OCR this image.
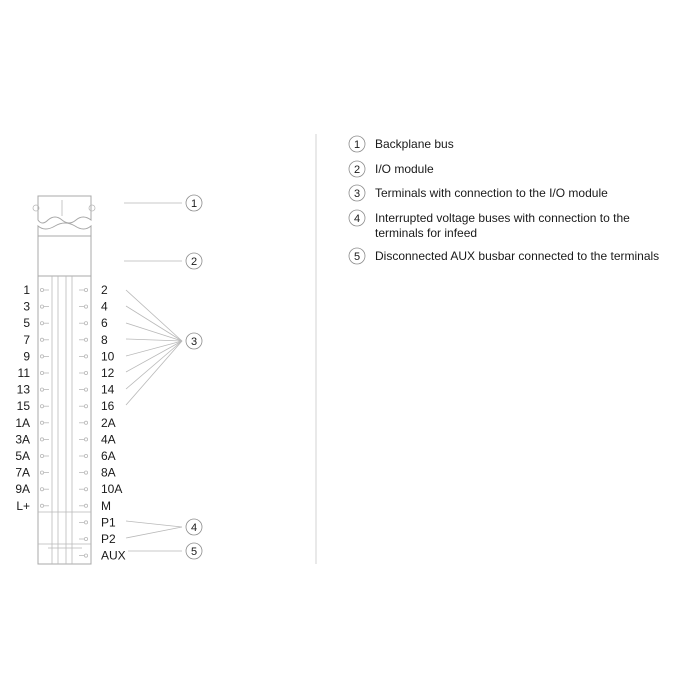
1
3
5
7
9
11
13
15
1A
3A
5A
7A
9A
L+
2
4
6
8
10
12
14
16
2A
4A
6A
8A
10A
M
P1
P2
AUX
1
2
3
4
5
1 Backplane bus
2 I/O module
3 Terminals with connection to the I/O module
4 Interrupted voltage buses with connection to the terminals for infeed
5 Disconnected AUX busbar connected to the terminals
